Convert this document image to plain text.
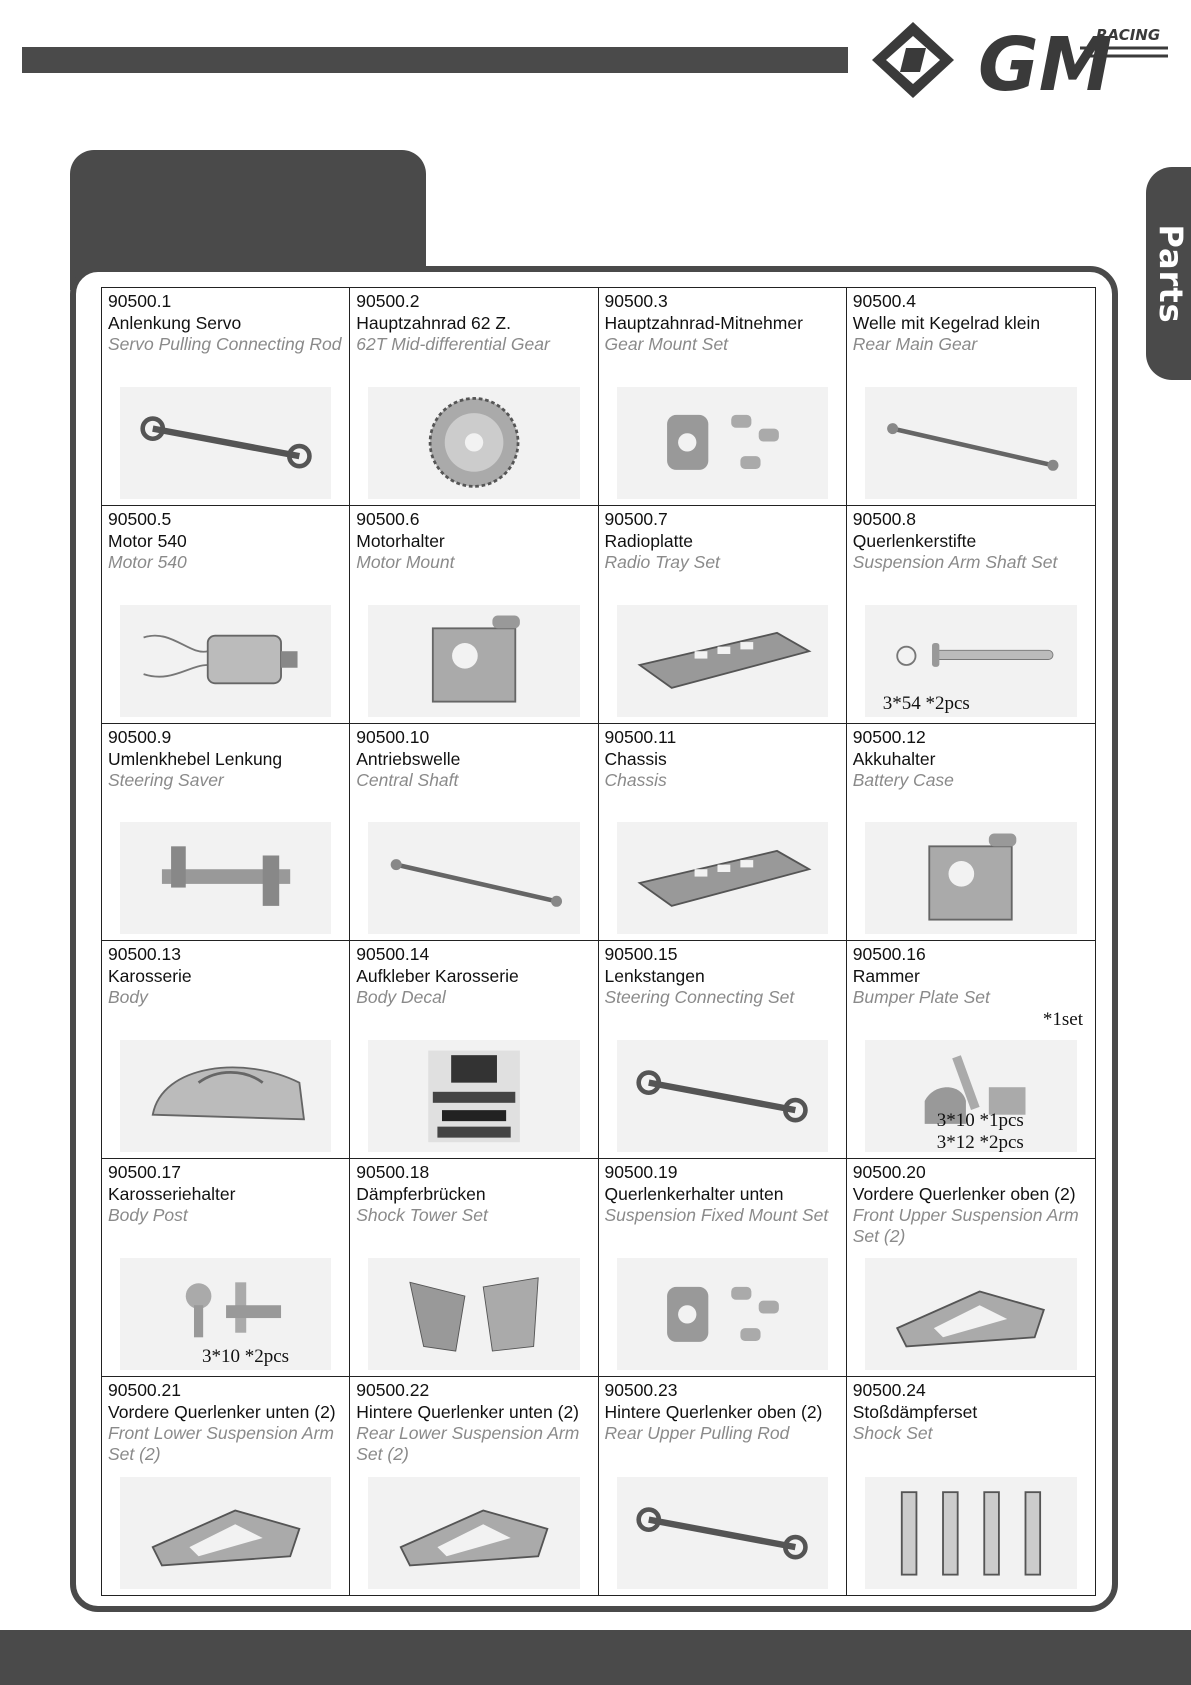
GM
RACING
Parts
90500.1
Anlenkung Servo
Servo Pulling Connecting Rod
90500.2
Hauptzahnrad 62 Z.
62T Mid-differential Gear
90500.3
Hauptzahnrad-Mitnehmer
Gear Mount Set
90500.4
Welle mit Kegelrad klein
Rear Main Gear
90500.5
Motor 540
Motor 540
90500.6
Motorhalter
Motor Mount
90500.7
Radioplatte
Radio Tray Set
90500.8
Querlenkerstifte
Suspension Arm Shaft Set
3*54 *2pcs
90500.9
Umlenkhebel Lenkung
Steering Saver
90500.10
Antriebswelle
Central Shaft
90500.11
Chassis
Chassis
90500.12
Akkuhalter
Battery Case
90500.13
Karosserie
Body
90500.14
Aufkleber Karosserie
Body Decal
90500.15
Lenkstangen
Steering Connecting Set
90500.16
Rammer
Bumper Plate Set
*1set
3*10 *1pcs
3*12 *2pcs
90500.17
Karosseriehalter
Body Post
3*10 *2pcs
90500.18
Dämpferbrücken
Shock Tower Set
90500.19
Querlenkerhalter unten
Suspension Fixed Mount Set
90500.20
Vordere Querlenker oben (2)
Front Upper Suspension Arm Set (2)
90500.21
Vordere Querlenker unten (2)
Front Lower Suspension Arm Set (2)
90500.22
Hintere Querlenker unten (2)
Rear Lower Suspension Arm Set (2)
90500.23
Hintere Querlenker oben (2)
Rear Upper Pulling Rod
90500.24
Stoßdämpferset
Shock Set
